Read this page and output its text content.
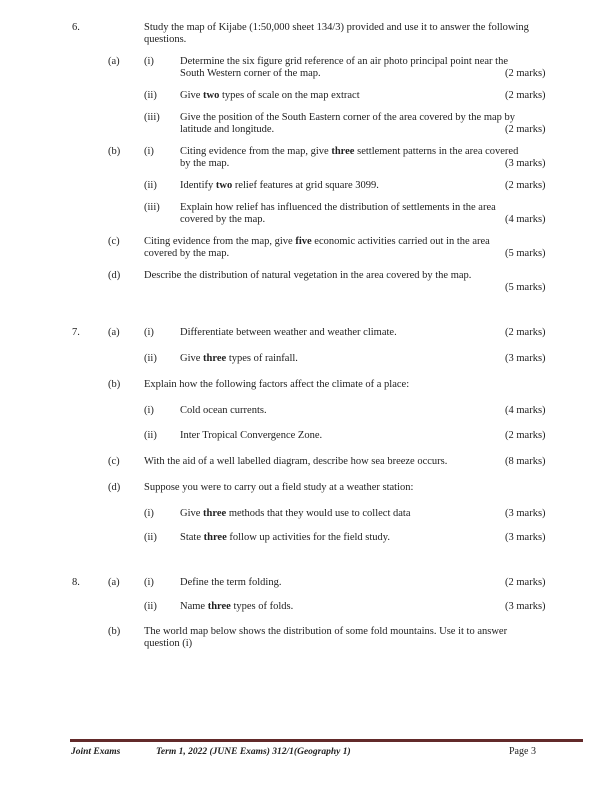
6.	Study the map of Kijabe (1:50,000 sheet 134/3) provided and use it to answer the following
questions.
(a) (i) Determine the six figure grid reference of an air photo principal point near the
South Western corner of the map.	(2 marks)
(ii) Give two types of scale on the map extract	(2 marks)
(iii) Give the position of the South Eastern corner of the area covered by the map by
latitude and longitude.	(2 marks)
(b) (i) Citing evidence from the map, give three settlement patterns in the area covered
by the map.	(3 marks)
(ii) Identify two relief features at grid square 3099.	(2 marks)
(iii) Explain how relief has influenced the distribution of settlements in the area
covered by the map.	(4 marks)
(c) Citing evidence from the map, give five economic activities carried out in the area
covered by the map.	(5 marks)
(d) Describe the distribution of natural vegetation in the area covered by the map.
(5 marks)
7.	(a) (i) Differentiate between weather and weather climate.	(2 marks)
(ii) Give three types of rainfall.	(3 marks)
(b) Explain how the following factors affect the climate of a place:
(i) Cold ocean currents.	(4 marks)
(ii) Inter Tropical Convergence Zone.	(2 marks)
(c) With the aid of a well labelled diagram, describe how sea breeze occurs.	(8 marks)
(d) Suppose you were to carry out a field study at a weather station:
(i) Give three methods that they would use to collect data	(3 marks)
(ii) State three follow up activities for the field study.	(3 marks)
8.	(a) (i) Define the term folding.	(2 marks)
(ii) Name three types of folds.	(3 marks)
(b) The world map below shows the distribution of some fold mountains. Use it to answer
question (i)
Joint Exams	Term 1, 2022 (JUNE Exams) 312/1(Geography 1)	Page 3
